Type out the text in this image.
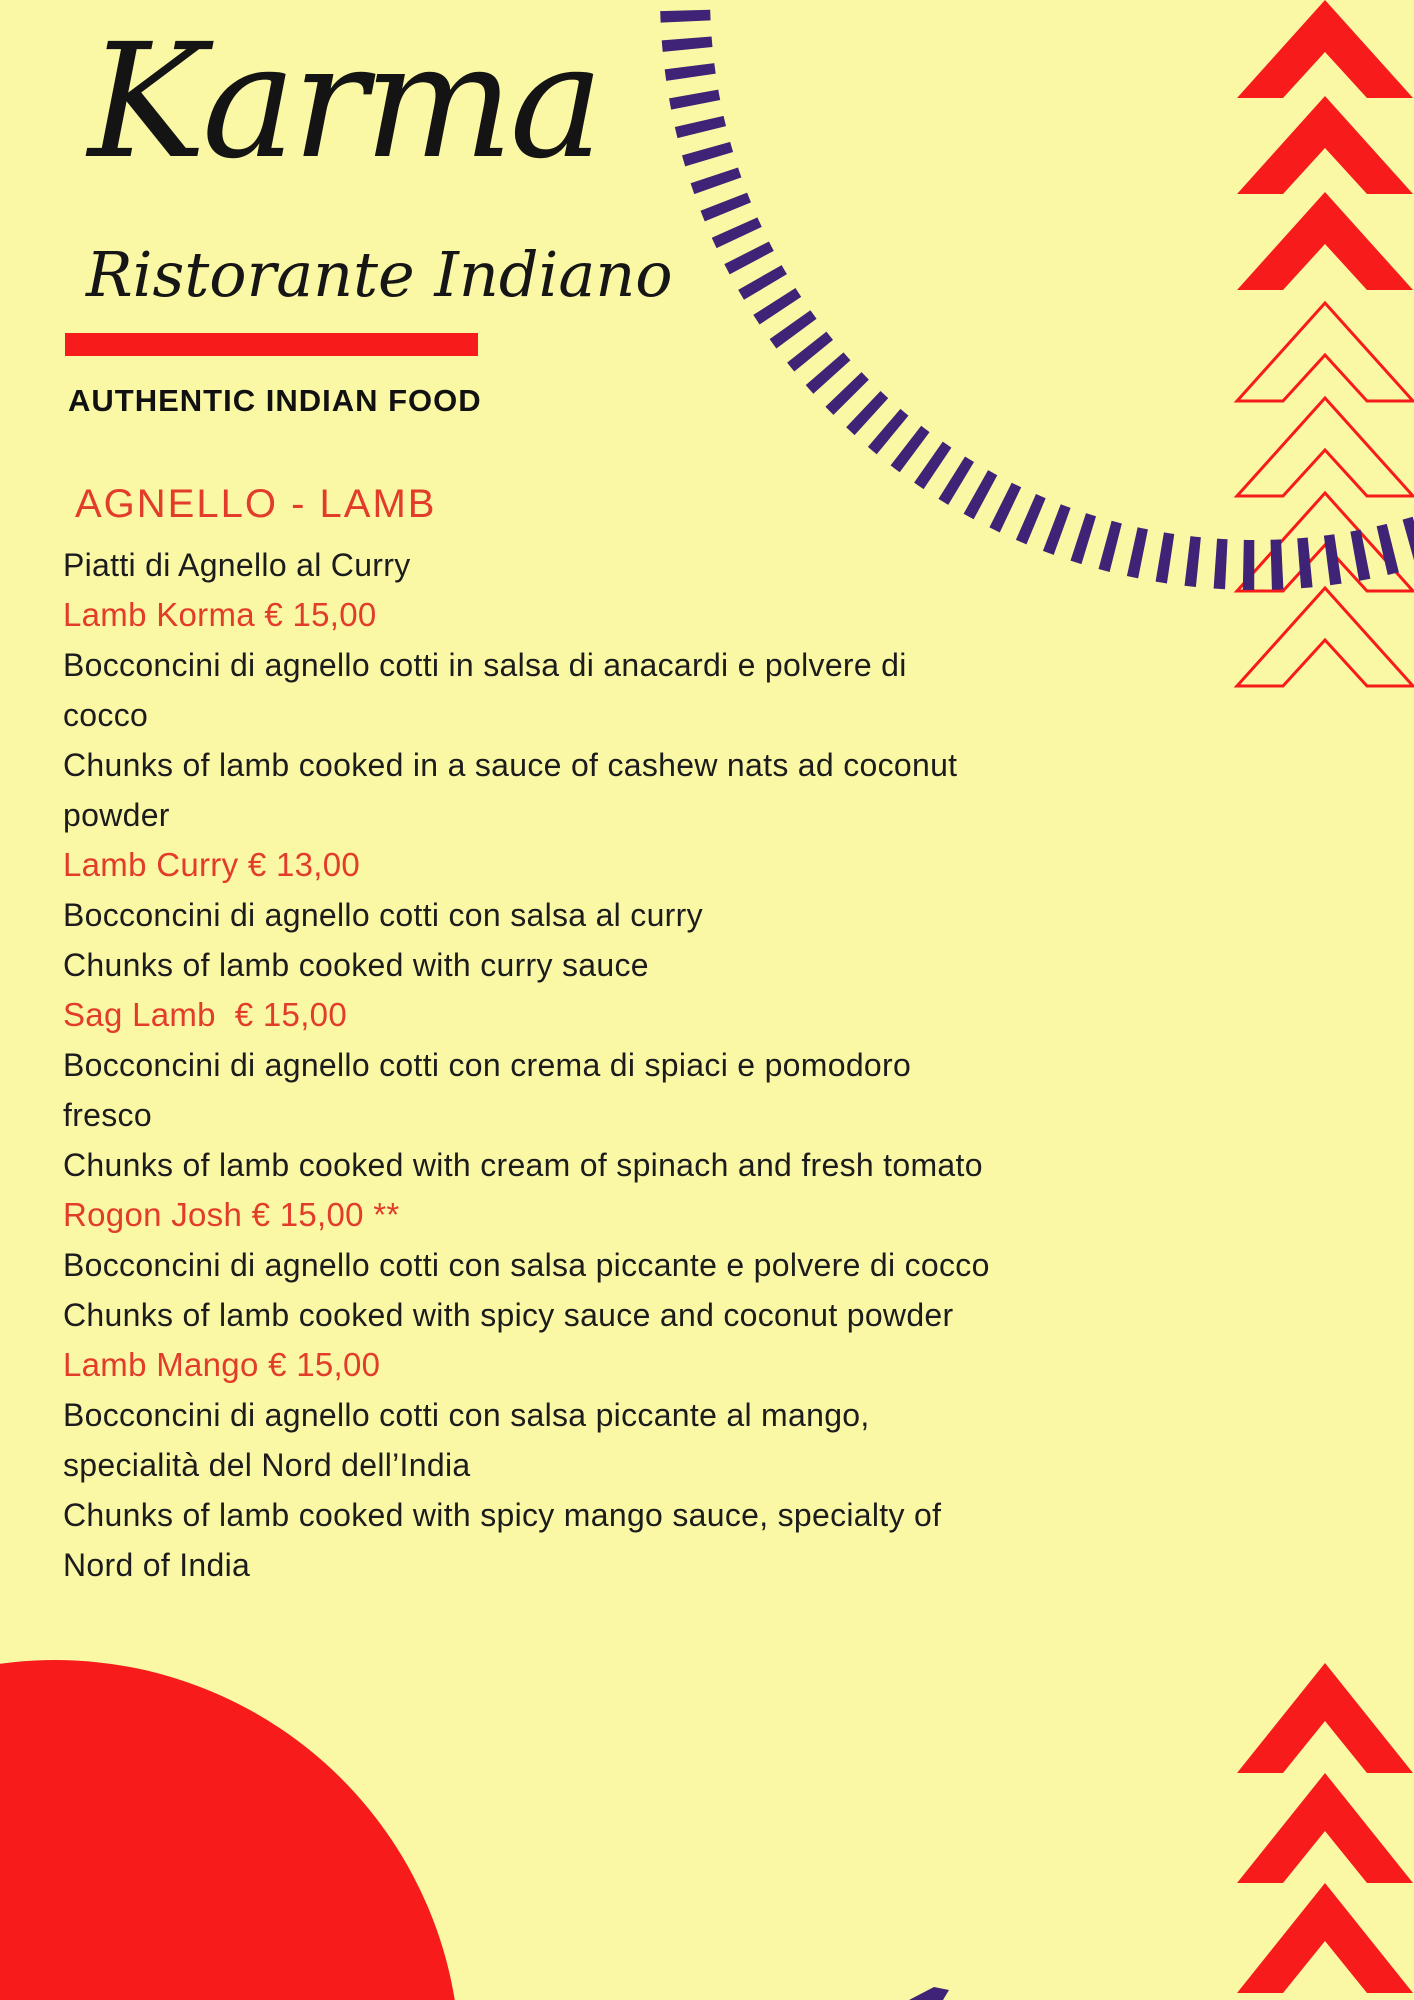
Karma
Ristorante Indiano
AUTHENTIC INDIAN FOOD
AGNELLO - LAMB
Piatti di Agnello al Curry
Lamb Korma € 15,00
Bocconcini di agnello cotti in salsa di anacardi e polvere di
cocco
Chunks of lamb cooked in a sauce of cashew nats ad coconut
powder
Lamb Curry € 13,00
Bocconcini di agnello cotti con salsa al curry
Chunks of lamb cooked with curry sauce
Sag Lamb  € 15,00
Bocconcini di agnello cotti con crema di spiaci e pomodoro
fresco
Chunks of lamb cooked with cream of spinach and fresh tomato
Rogon Josh € 15,00 **
Bocconcini di agnello cotti con salsa piccante e polvere di cocco
Chunks of lamb cooked with spicy sauce and coconut powder
Lamb Mango € 15,00
Bocconcini di agnello cotti con salsa piccante al mango,
specialità del Nord dell’India
Chunks of lamb cooked with spicy mango sauce, specialty of
Nord of India
